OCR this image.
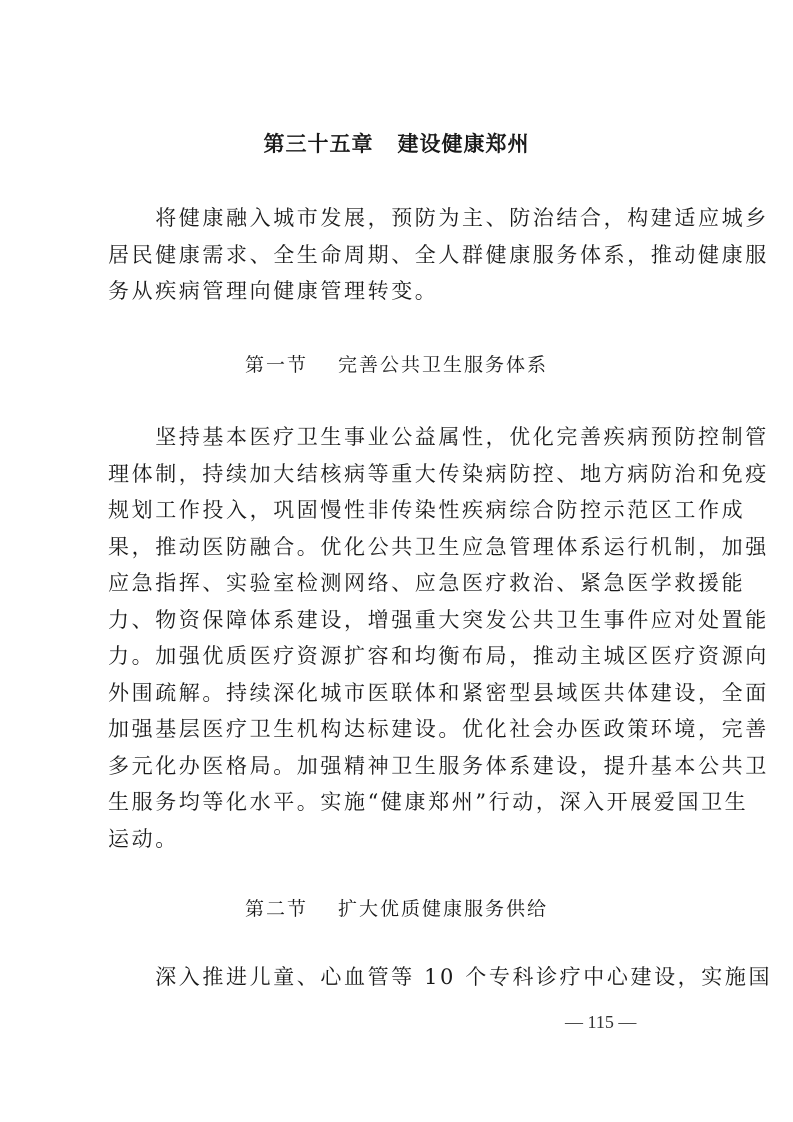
第三十五章 建设健康郑州
　　将健康融入城市发展，预防为主、防治结合，构建适应城乡
居民健康需求、全生命周期、全人群健康服务体系，推动健康服
务从疾病管理向健康管理转变。
第一节 完善公共卫生服务体系
　　坚持基本医疗卫生事业公益属性，优化完善疾病预防控制管
理体制，持续加大结核病等重大传染病防控、地方病防治和免疫
规划工作投入，巩固慢性非传染性疾病综合防控示范区工作成
果，推动医防融合。优化公共卫生应急管理体系运行机制，加强
应急指挥、实验室检测网络、应急医疗救治、紧急医学救援能
力、物资保障体系建设，增强重大突发公共卫生事件应对处置能
力。加强优质医疗资源扩容和均衡布局，推动主城区医疗资源向
外围疏解。持续深化城市医联体和紧密型县域医共体建设，全面
加强基层医疗卫生机构达标建设。优化社会办医政策环境，完善
多元化办医格局。加强精神卫生服务体系建设，提升基本公共卫
生服务均等化水平。实施“健康郑州”行动，深入开展爱国卫生
运动。
第二节 扩大优质健康服务供给
　　深入推进儿童、心血管等 10 个专科诊疗中心建设，实施国
— 115 —
